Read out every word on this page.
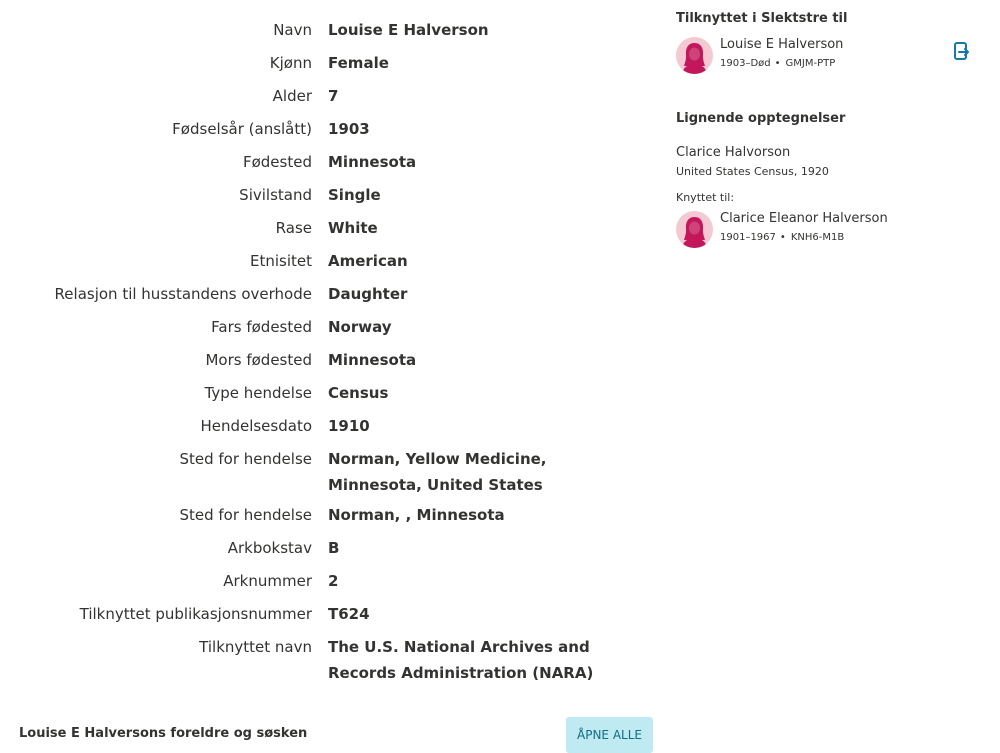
Navn	Louise E Halverson
Kjønn	Female
Alder	7
Fødselsår (anslått)	1903
Fødested	Minnesota
Sivilstand	Single
Rase	White
Etnisitet	American
Relasjon til husstandens overhode	Daughter
Fars fødested	Norway
Mors fødested	Minnesota
Type hendelse	Census
Hendelsesdato	1910
Sted for hendelse	Norman, Yellow Medicine, Minnesota, United States
Sted for hendelse	Norman, , Minnesota
Arkbokstav	B
Arknummer	2
Tilknyttet publikasjonsnummer	T624
Tilknyttet navn	The U.S. National Archives and Records Administration (NARA)
Tilknyttet i Slektstre til
Louise E Halverson
1903–Død • GMJM-PTP
Lignende opptegnelser
Clarice Halvorson
United States Census, 1920
Knyttet til:
Clarice Eleanor Halverson
1901–1967 • KNH6-M1B
Louise E Halversons foreldre og søsken	ÅPNE ALLE
